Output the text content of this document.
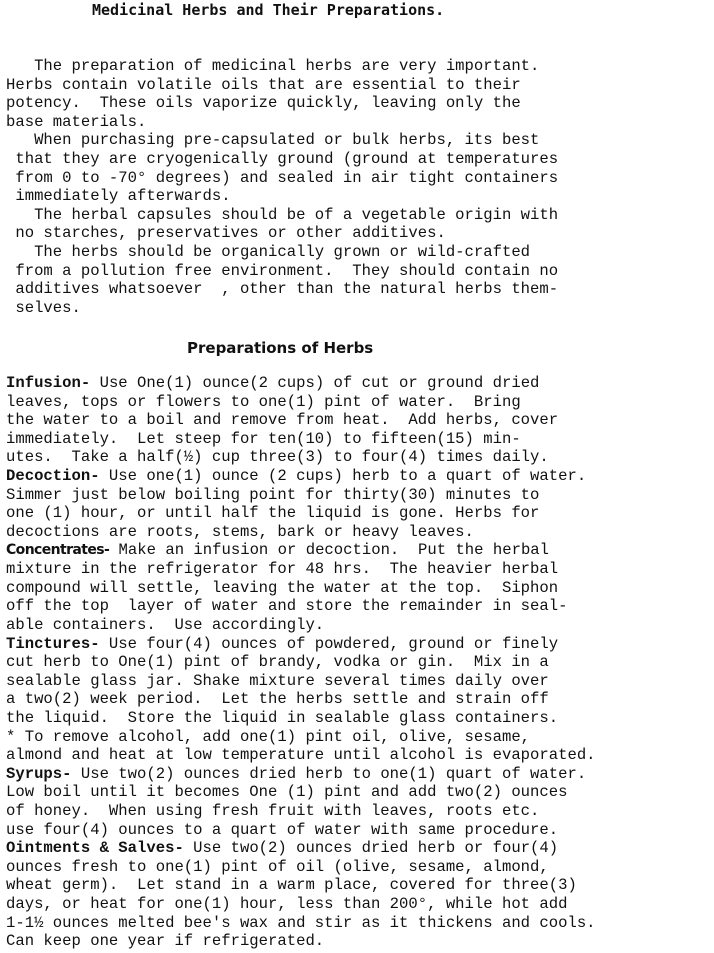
Medicinal Herbs and Their Preparations.
The preparation of medicinal herbs are very important.
Herbs contain volatile oils that are essential to their
potency.  These oils vaporize quickly, leaving only the
base materials.
When purchasing pre-capsulated or bulk herbs, its best
that they are cryogenically ground (ground at temperatures
from 0 to -70° degrees) and sealed in air tight containers
immediately afterwards.
The herbal capsules should be of a vegetable origin with
no starches, preservatives or other additives.
The herbs should be organically grown or wild-crafted
from a pollution free environment.  They should contain no
additives whatsoever  , other than the natural herbs them-
selves.
Preparations of Herbs
Infusion- Use One(1) ounce(2 cups) of cut or ground dried
leaves, tops or flowers to one(1) pint of water.  Bring
the water to a boil and remove from heat.  Add herbs, cover
immediately.  Let steep for ten(10) to fifteen(15) min-
utes.  Take a half(½) cup three(3) to four(4) times daily.
Decoction- Use one(1) ounce (2 cups) herb to a quart of water.
Simmer just below boiling point for thirty(30) minutes to
one (1) hour, or until half the liquid is gone. Herbs for
decoctions are roots, stems, bark or heavy leaves.
Concentrates- Make an infusion or decoction.  Put the herbal
mixture in the refrigerator for 48 hrs.  The heavier herbal
compound will settle, leaving the water at the top.  Siphon
off the top  layer of water and store the remainder in seal-
able containers.  Use accordingly.
Tinctures- Use four(4) ounces of powdered, ground or finely
cut herb to One(1) pint of brandy, vodka or gin.  Mix in a
sealable glass jar. Shake mixture several times daily over
a two(2) week period.  Let the herbs settle and strain off
the liquid.  Store the liquid in sealable glass containers.
* To remove alcohol, add one(1) pint oil, olive, sesame,
almond and heat at low temperature until alcohol is evaporated.
Syrups- Use two(2) ounces dried herb to one(1) quart of water.
Low boil until it becomes One (1) pint and add two(2) ounces
of honey.  When using fresh fruit with leaves, roots etc.
use four(4) ounces to a quart of water with same procedure.
Ointments & Salves- Use two(2) ounces dried herb or four(4)
ounces fresh to one(1) pint of oil (olive, sesame, almond,
wheat germ).  Let stand in a warm place, covered for three(3)
days, or heat for one(1) hour, less than 200°, while hot add
1-1½ ounces melted bee's wax and stir as it thickens and cools.
Can keep one year if refrigerated.
